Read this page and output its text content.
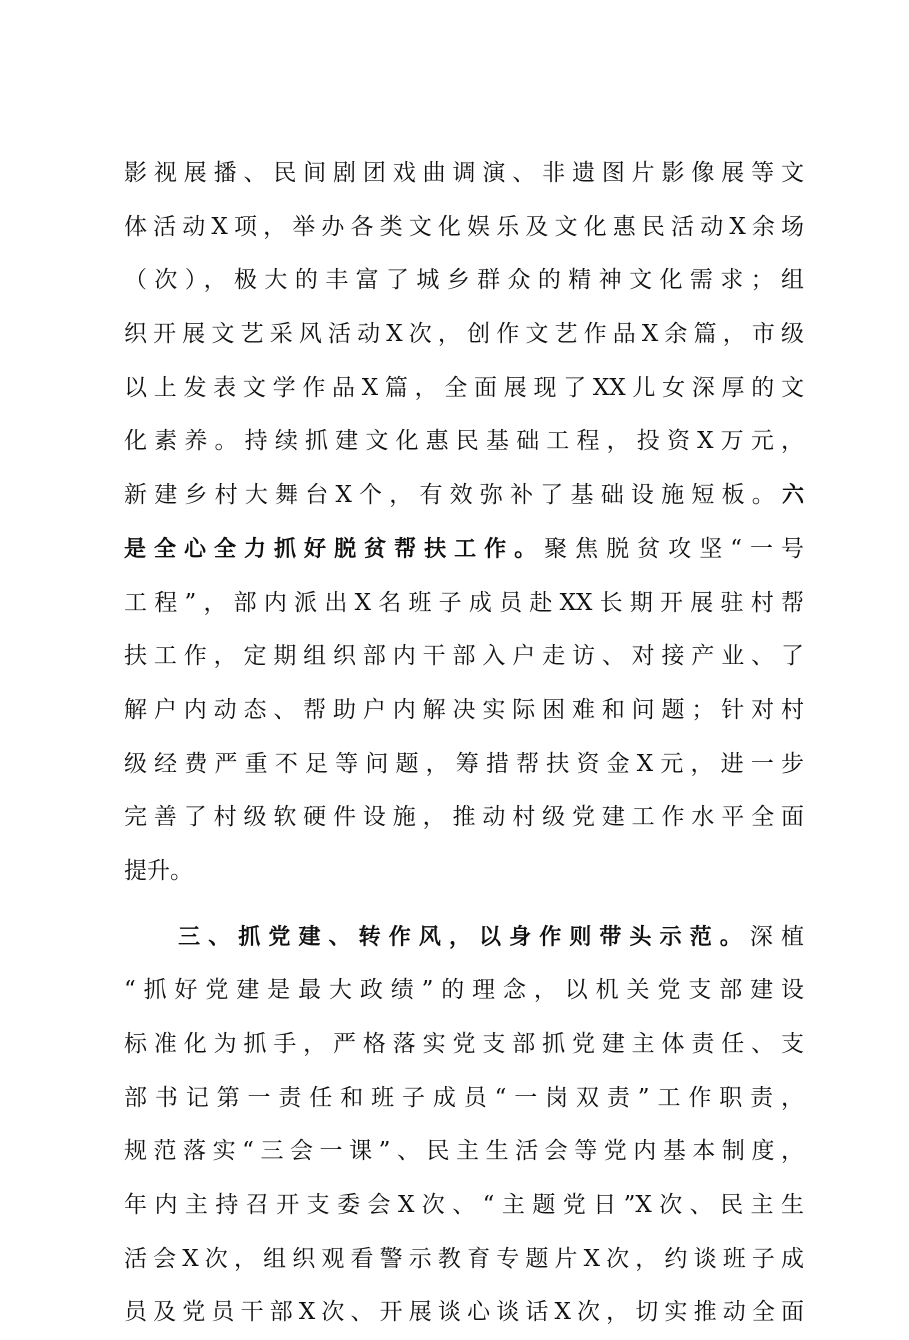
影视展播、民间剧团戏曲调演、非遗图片影像展等文
体活动X项，举办各类文化娱乐及文化惠民活动X余场
（次），极大的丰富了城乡群众的精神文化需求；组
织开展文艺采风活动X次，创作文艺作品X余篇，市级
以上发表文学作品X篇，全面展现了XX儿女深厚的文
化素养。持续抓建文化惠民基础工程，投资X万元，
新建乡村大舞台X个，有效弥补了基础设施短板。六
是全心全力抓好脱贫帮扶工作。聚焦脱贫攻坚“一号
工程”，部内派出X名班子成员赴XX长期开展驻村帮
扶工作，定期组织部内干部入户走访、对接产业、了
解户内动态、帮助户内解决实际困难和问题；针对村
级经费严重不足等问题，筹措帮扶资金X元，进一步
完善了村级软硬件设施，推动村级党建工作水平全面
提升。
三、抓党建、转作风，以身作则带头示范。深植
“抓好党建是最大政绩”的理念，以机关党支部建设
标准化为抓手，严格落实党支部抓党建主体责任、支
部书记第一责任和班子成员“一岗双责”工作职责，
规范落实“三会一课”、民主生活会等党内基本制度，
年内主持召开支委会X次、“主题党日”X次、民主生
活会X次，组织观看警示教育专题片X次，约谈班子成
员及党员干部X次、开展谈心谈话X次，切实推动全面
